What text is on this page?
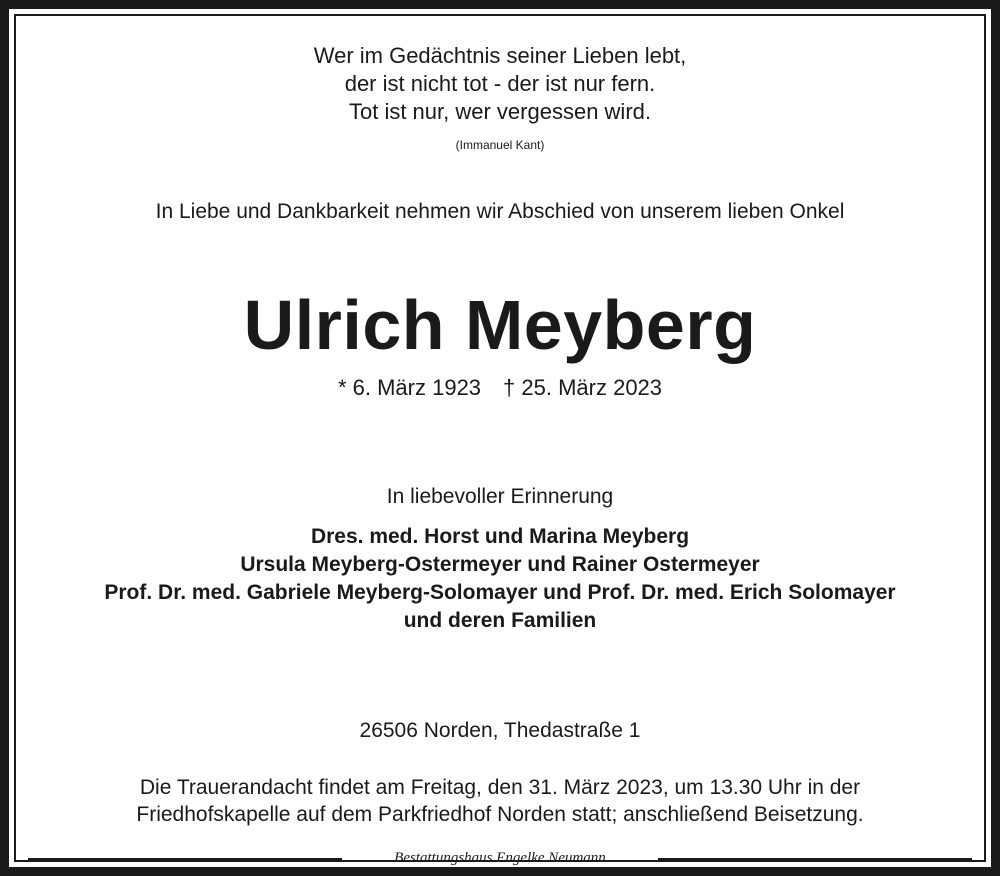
Wer im Gedächtnis seiner Lieben lebt,
der ist nicht tot - der ist nur fern.
Tot ist nur, wer vergessen wird.
(Immanuel Kant)
In Liebe und Dankbarkeit nehmen wir Abschied von unserem lieben Onkel
Ulrich Meyberg
* 6. März 1923 † 25. März 2023
In liebevoller Erinnerung
Dres. med. Horst und Marina Meyberg
Ursula Meyberg-Ostermeyer und Rainer Ostermeyer
Prof. Dr. med. Gabriele Meyberg-Solomayer und Prof. Dr. med. Erich Solomayer
und deren Familien
26506 Norden, Thedastraße 1
Die Trauerandacht findet am Freitag, den 31. März 2023, um 13.30 Uhr in der
Friedhofskapelle auf dem Parkfriedhof Norden statt; anschließend Beisetzung.
Bestattungshaus Engelke Neumann
